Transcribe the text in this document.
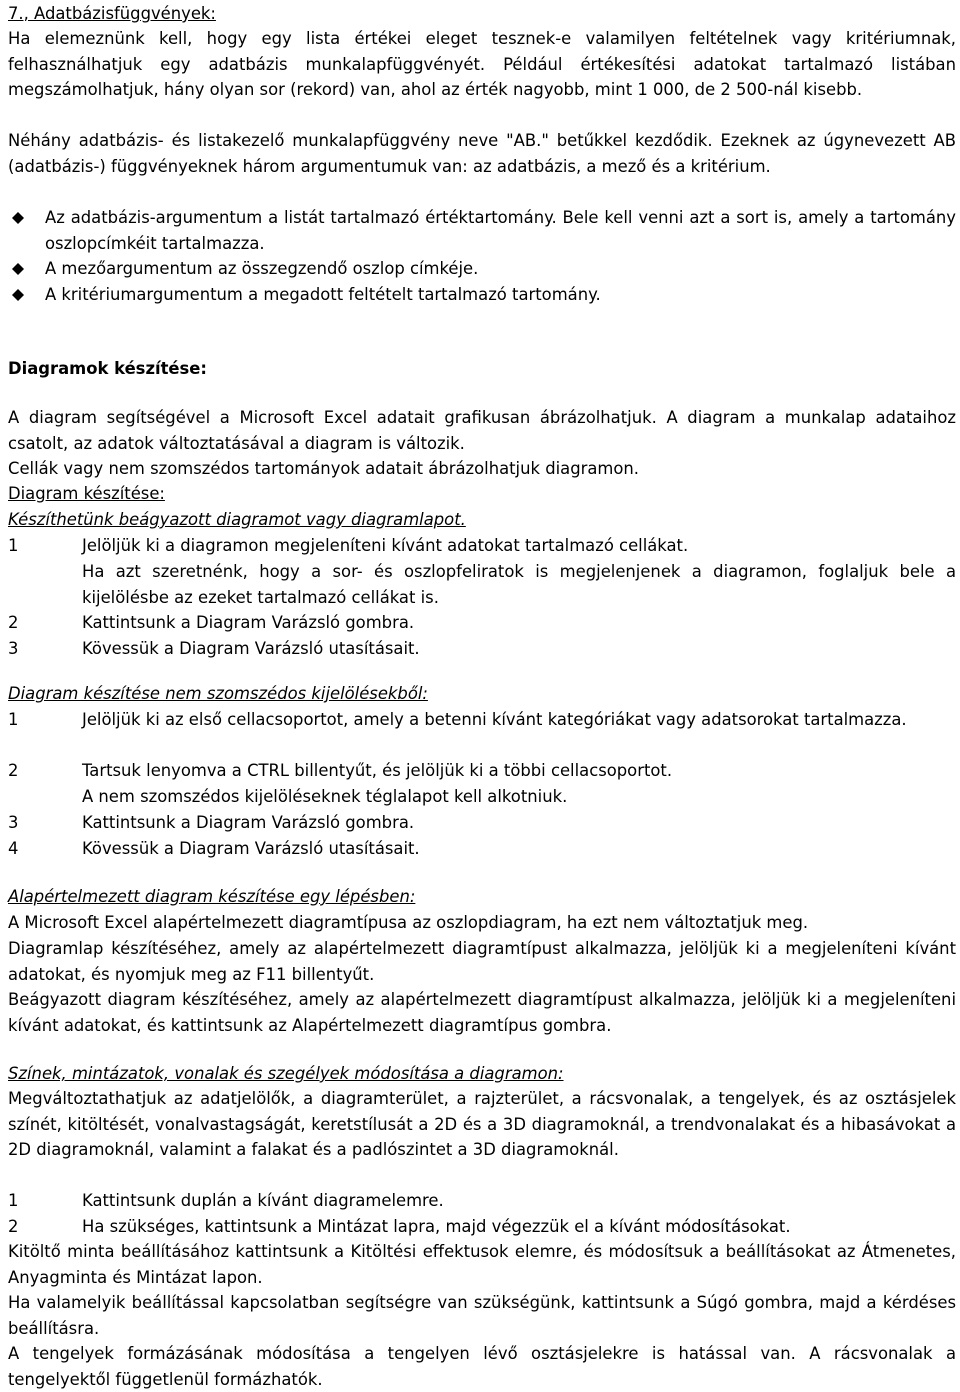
7., Adatbázisfüggvények:
Ha elemeznünk kell, hogy egy lista értékei eleget tesznek-e valamilyen feltételnek vagy kritériumnak, felhasználhatjuk egy adatbázis munkalapfüggvényét. Például értékesítési adatokat tartalmazó listában megszámolhatjuk, hány olyan sor (rekord) van, ahol az érték nagyobb, mint 1 000, de 2 500-nál kisebb.
Néhány adatbázis- és listakezelő munkalapfüggvény neve "AB." betűkkel kezdődik. Ezeknek az úgynevezett AB (adatbázis-) függvényeknek három argumentumuk van: az adatbázis, a mező és a kritérium.
Az adatbázis-argumentum a listát tartalmazó értéktartomány. Bele kell venni azt a sort is, amely a tartomány oszlopcímkéit tartalmazza.
A mezőargumentum az összegzendő oszlop címkéje.
A kritériumargumentum a megadott feltételt tartalmazó tartomány.
Diagramok készítése:
A diagram segítségével a Microsoft Excel adatait grafikusan ábrázolhatjuk. A diagram a munkalap adataihoz csatolt, az adatok változtatásával a diagram is változik.
Cellák vagy nem szomszédos tartományok adatait ábrázolhatjuk diagramon.
Diagram készítése:
Készíthetünk beágyazott diagramot vagy diagramlapot.
1	Jelöljük ki a diagramon megjeleníteni kívánt adatokat tartalmazó cellákat.
Ha azt szeretnénk, hogy a sor- és oszlopfeliratok is megjelenjenek a diagramon, foglaljuk bele a kijelölésbe az ezeket tartalmazó cellákat is.
2	Kattintsunk a Diagram Varázsló gombra.
3	Kövessük a Diagram Varázsló utasításait.
Diagram készítése nem szomszédos kijelölésekből:
1	Jelöljük ki az első cellacsoportot, amely a betenni kívánt kategóriákat vagy adatsorokat tartalmazza.
2	Tartsuk lenyomva a CTRL billentyűt, és jelöljük ki a többi cellacsoportot.
A nem szomszédos kijelöléseknek téglalapot kell alkotniuk.
3	Kattintsunk a Diagram Varázsló gombra.
4	Kövessük a Diagram Varázsló utasításait.
Alapértelmezett diagram készítése egy lépésben:
A Microsoft Excel alapértelmezett diagramtípusa az oszlopdiagram, ha ezt nem változtatjuk meg.
Diagramlap készítéséhez, amely az alapértelmezett diagramtípust alkalmazza, jelöljük ki a megjeleníteni kívánt adatokat, és nyomjuk meg az F11 billentyűt.
Beágyazott diagram készítéséhez, amely az alapértelmezett diagramtípust alkalmazza, jelöljük ki a megjeleníteni kívánt adatokat, és kattintsunk az Alapértelmezett diagramtípus gombra.
Színek, mintázatok, vonalak és szegélyek módosítása a diagramon:
Megváltoztathatjuk az adatjelölők, a diagramterület, a rajzterület, a rácsvonalak, a tengelyek, és az osztásjelek színét, kitöltését, vonalvastagságát, keretstílusát a 2D és a 3D diagramoknál, a trendvonalakat és a hibasávokat a 2D diagramoknál, valamint a falakat és a padlószintet a 3D diagramoknál.
1	Kattintsunk duplán a kívánt diagramelemre.
2	Ha szükséges, kattintsunk a Mintázat lapra, majd végezzük el a kívánt módosításokat.
Kitöltő minta beállításához kattintsunk a Kitöltési effektusok elemre, és módosítsuk a beállításokat az Átmenetes, Anyagminta és Mintázat lapon.
Ha valamelyik beállítással kapcsolatban segítségre van szükségünk, kattintsunk a Súgó gombra, majd a kérdéses beállításra.
A tengelyek formázásának módosítása a tengelyen lévő osztásjelekre is hatással van. A rácsvonalak a tengelyektől függetlenül formázhatók.
